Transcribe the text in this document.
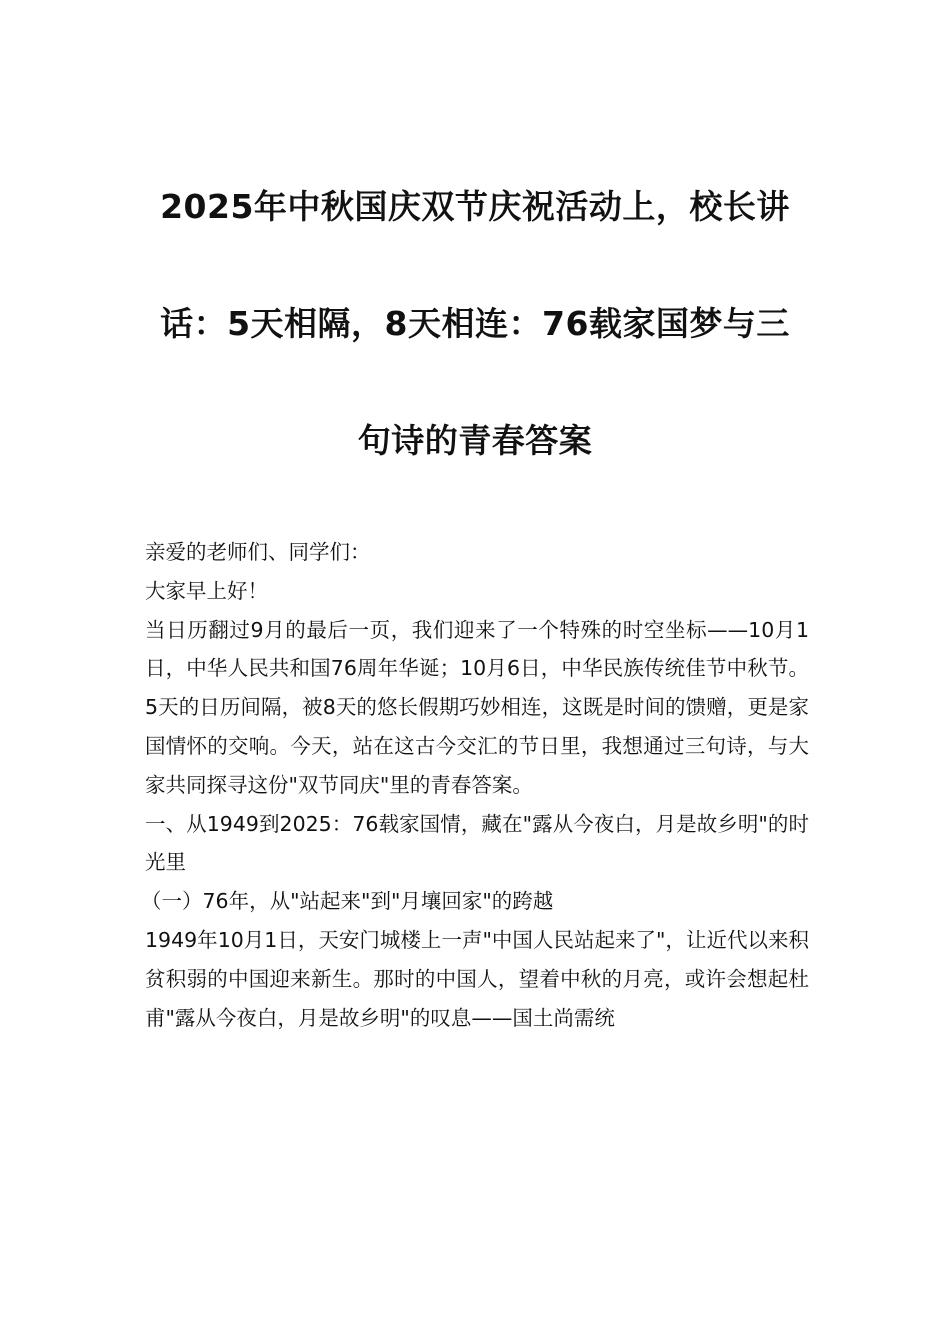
2025年中秋国庆双节庆祝活动上，校长讲
话：5天相隔，8天相连：76载家国梦与三
句诗的青春答案

亲爱的老师们、同学们：

大家早上好！

当日历翻过9月的最后一页，我们迎来了一个特殊的时空坐标——10月1日，中华人民共和国76周年华诞；10月6日，中华民族传统佳节中秋节。5天的日历间隔，被8天的悠长假期巧妙相连，这既是时间的馈赠，更是家国情怀的交响。今天，站在这古今交汇的节日里，我想通过三句诗，与大家共同探寻这份"双节同庆"里的青春答案。

一、从1949到2025：76载家国情，藏在"露从今夜白，月是故乡明"的时光里

（一）76年，从"站起来"到"月壤回家"的跨越

1949年10月1日，天安门城楼上一声"中国人民站起来了"，让近代以来积贫积弱的中国迎来新生。那时的中国人，望着中秋的月亮，或许会想起杜甫"露从今夜白，月是故乡明"的叹息——国土尚需统
